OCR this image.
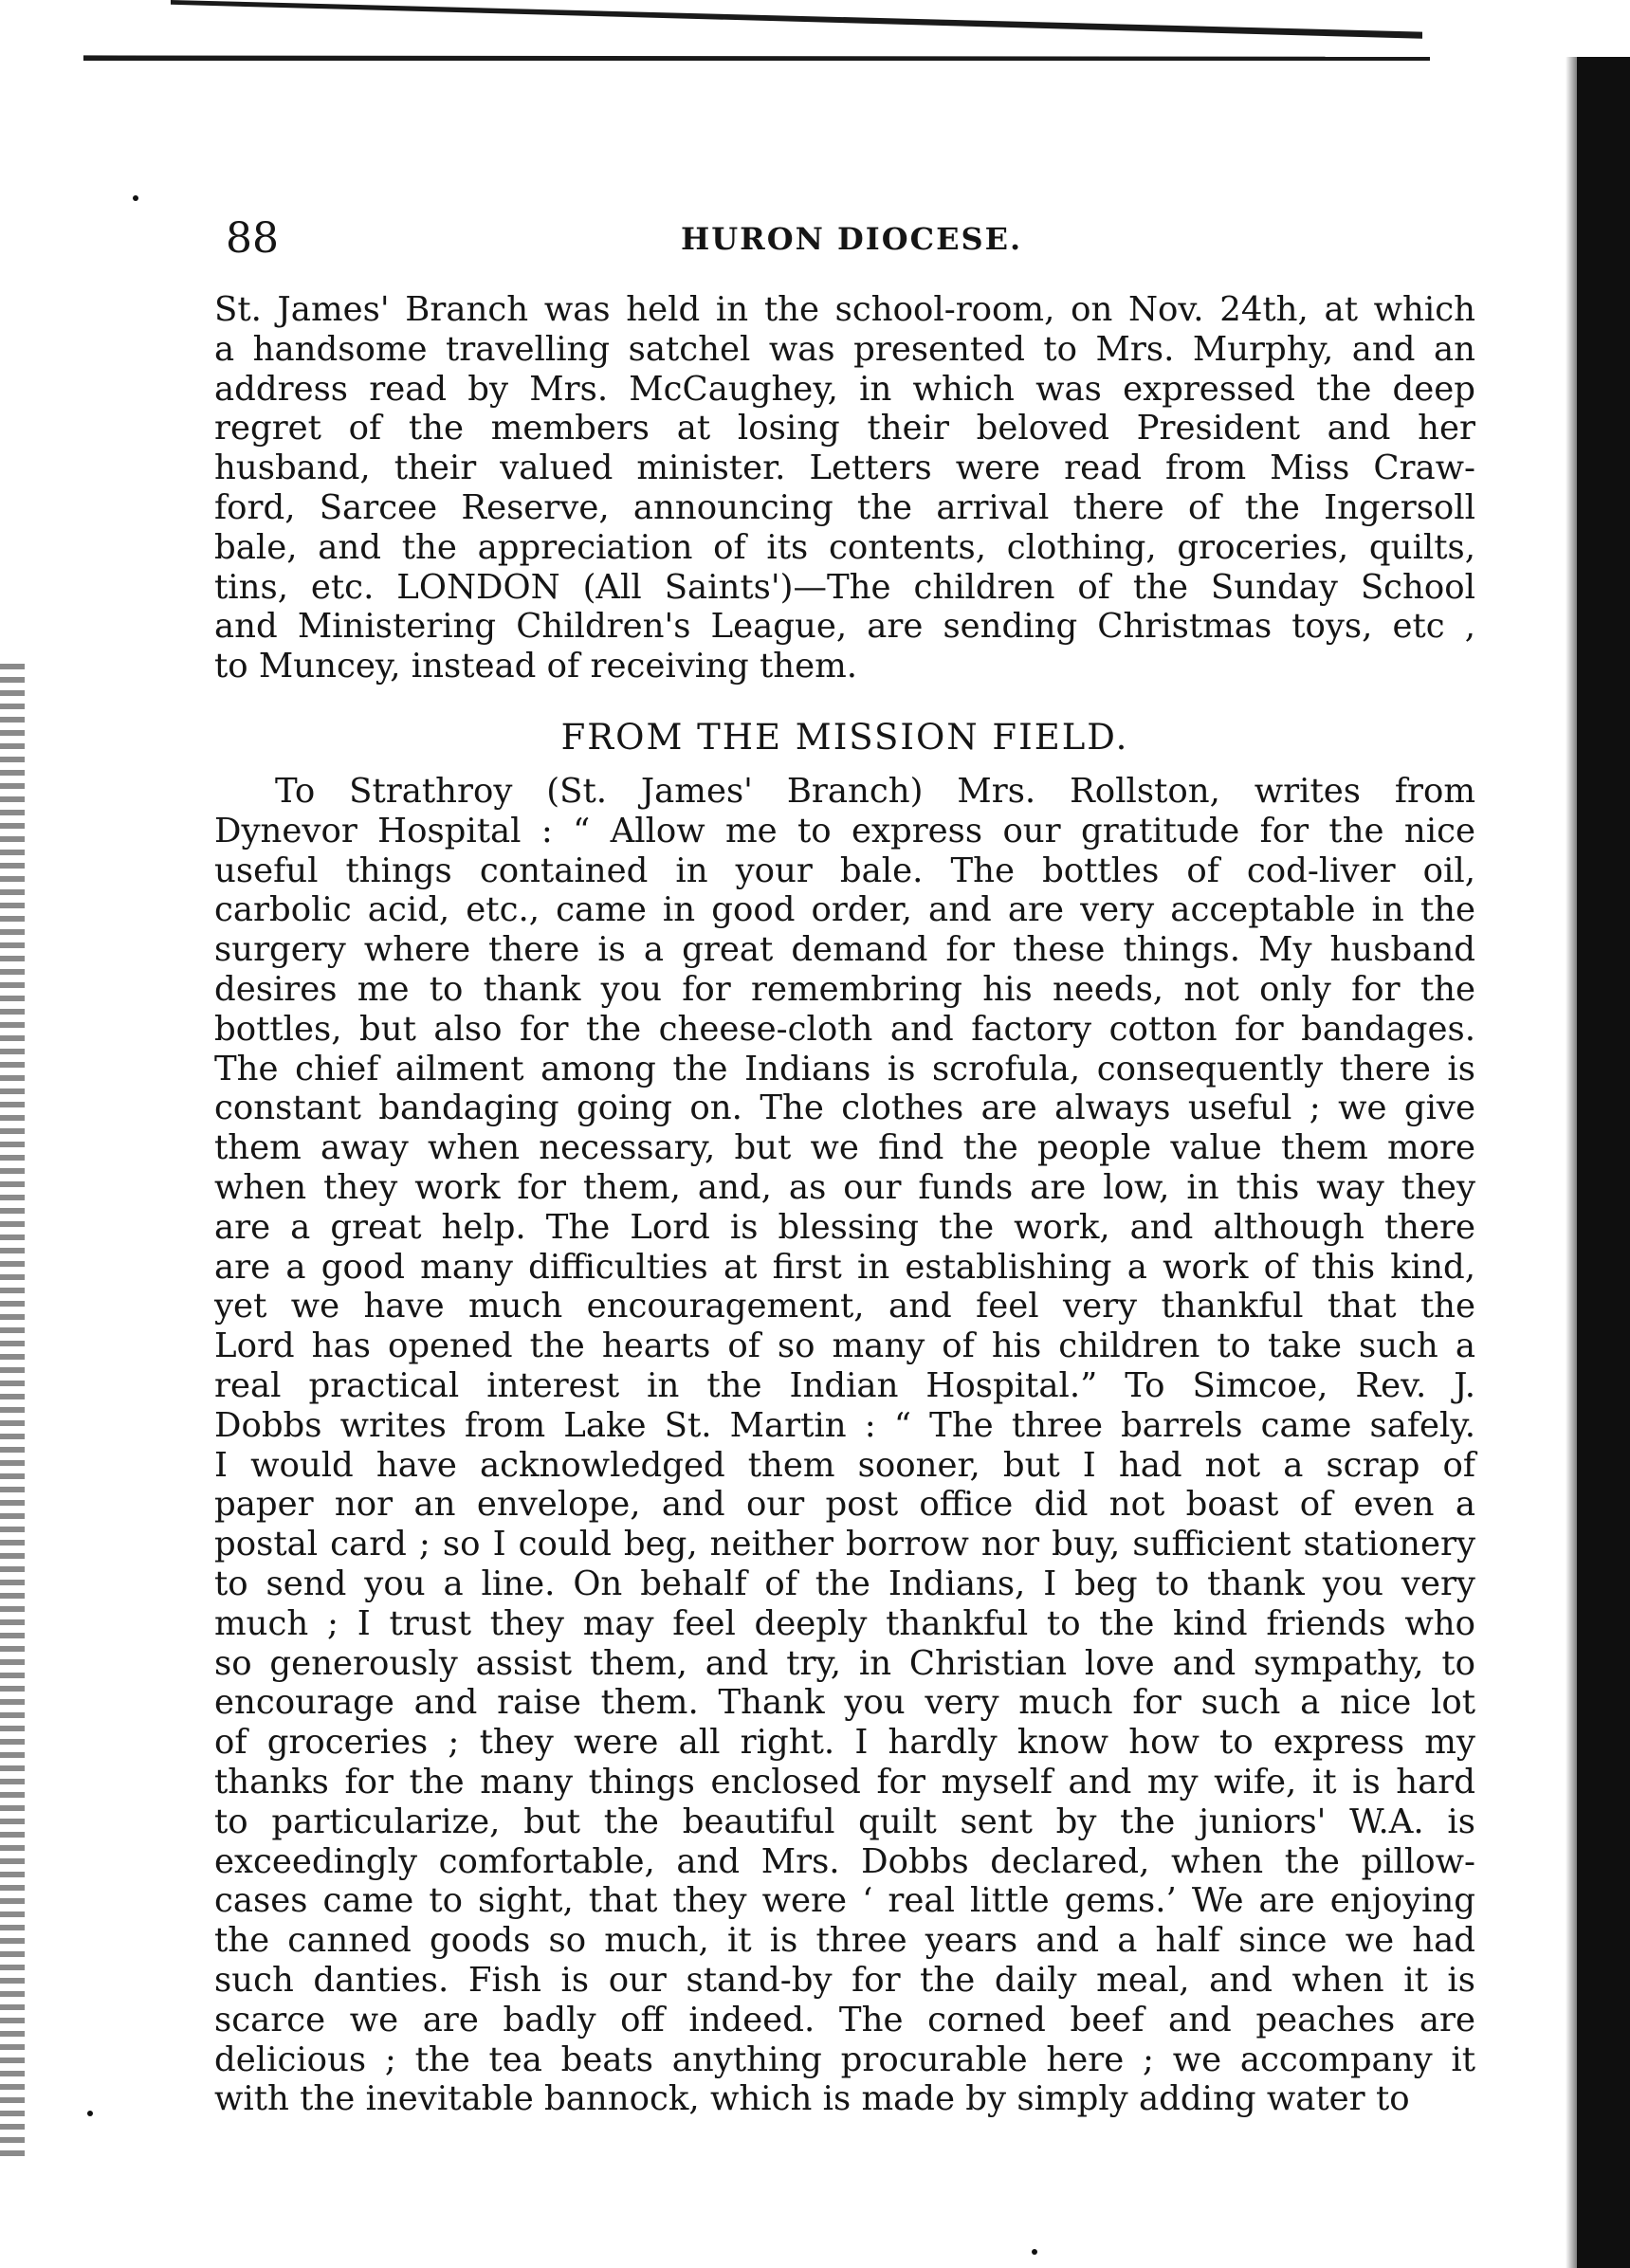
88	HURON DIOCESE.
St. James' Branch was held in the school-room, on Nov. 24th, at which
a handsome travelling satchel was presented to Mrs. Murphy, and an
address read by Mrs. McCaughey, in which was expressed the deep
regret of the members at losing their beloved President and her
husband, their valued minister. Letters were read from Miss Craw-
ford, Sarcee Reserve, announcing the arrival there of the Ingersoll
bale, and the appreciation of its contents, clothing, groceries, quilts,
tins, etc. LONDON (All Saints')—The children of the Sunday School
and Ministering Children's League, are sending Christmas toys, etc ,
to Muncey, instead of receiving them.
FROM THE MISSION FIELD.
To Strathroy (St. James' Branch) Mrs. Rollston, writes from
Dynevor Hospital : “ Allow me to express our gratitude for the nice
useful things contained in your bale. The bottles of cod-liver oil,
carbolic acid, etc., came in good order, and are very acceptable in the
surgery where there is a great demand for these things. My husband
desires me to thank you for remembring his needs, not only for the
bottles, but also for the cheese-cloth and factory cotton for bandages.
The chief ailment among the Indians is scrofula, consequently there is
constant bandaging going on. The clothes are always useful ; we give
them away when necessary, but we find the people value them more
when they work for them, and, as our funds are low, in this way they
are a great help. The Lord is blessing the work, and although there
are a good many difficulties at first in establishing a work of this kind,
yet we have much encouragement, and feel very thankful that the
Lord has opened the hearts of so many of his children to take such a
real practical interest in the Indian Hospital.” To Simcoe, Rev. J.
Dobbs writes from Lake St. Martin : “ The three barrels came safely.
I would have acknowledged them sooner, but I had not a scrap of
paper nor an envelope, and our post office did not boast of even a
postal card ; so I could beg, neither borrow nor buy, sufficient stationery
to send you a line. On behalf of the Indians, I beg to thank you very
much ; I trust they may feel deeply thankful to the kind friends who
so generously assist them, and try, in Christian love and sympathy, to
encourage and raise them. Thank you very much for such a nice lot
of groceries ; they were all right. I hardly know how to express my
thanks for the many things enclosed for myself and my wife, it is hard
to particularize, but the beautiful quilt sent by the juniors' W.A. is
exceedingly comfortable, and Mrs. Dobbs declared, when the pillow-
cases came to sight, that they were ‘ real little gems.’ We are enjoying
the canned goods so much, it is three years and a half since we had
such danties. Fish is our stand-by for the daily meal, and when it is
scarce we are badly off indeed. The corned beef and peaches are
delicious ; the tea beats anything procurable here ; we accompany it
with the inevitable bannock, which is made by simply adding water to
